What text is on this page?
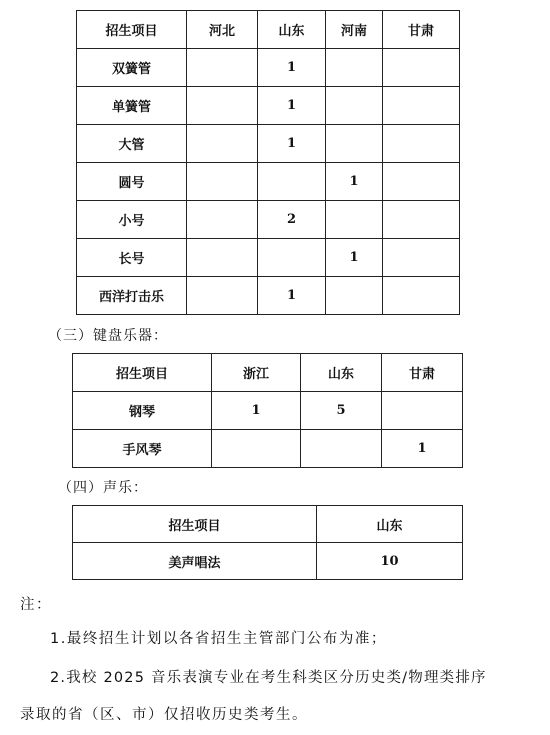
招生项目	河北	山东	河南	甘肃
双簧管		1		
单簧管		1		
大管		1		
圆号			1	
小号		2		
长号			1	
西洋打击乐		1		
（三）键盘乐器：
招生项目	浙江	山东	甘肃
钢琴	1	5	
手风琴			1
（四）声乐：
招生项目	山东
美声唱法	10
注：
1.最终招生计划以各省招生主管部门公布为准；
2.我校 2025 音乐表演专业在考生科类区分历史类/物理类排序
录取的省（区、市）仅招收历史类考生。
